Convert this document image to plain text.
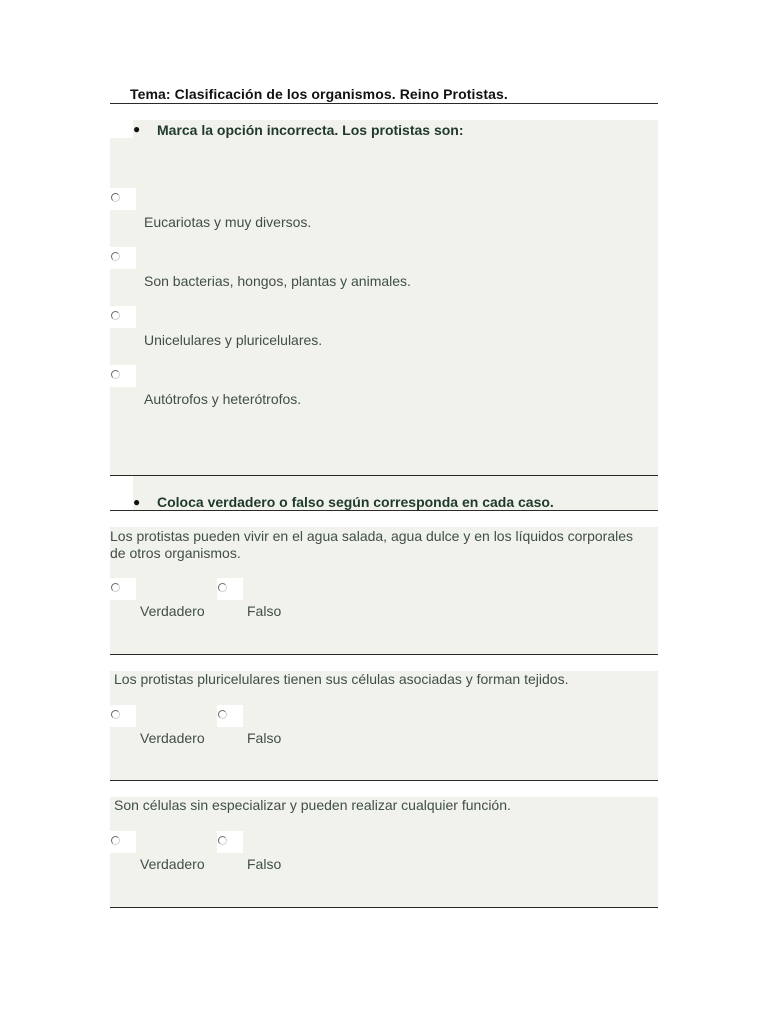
Tema: Clasificación de los organismos. Reino Protistas.
● Marca la opción incorrecta. Los protistas son:
Eucariotas y muy diversos.
Son bacterias, hongos, plantas y animales.
Unicelulares y pluricelulares.
Autótrofos y heterótrofos.
● Coloca verdadero o falso según corresponda en cada caso.
Los protistas pueden vivir en el agua salada, agua dulce y en los líquidos corporales de otros organismos.
Verdadero	Falso
Los protistas pluricelulares tienen sus células asociadas y forman tejidos.
Verdadero	Falso
Son células sin especializar y pueden realizar cualquier función.
Verdadero	Falso
